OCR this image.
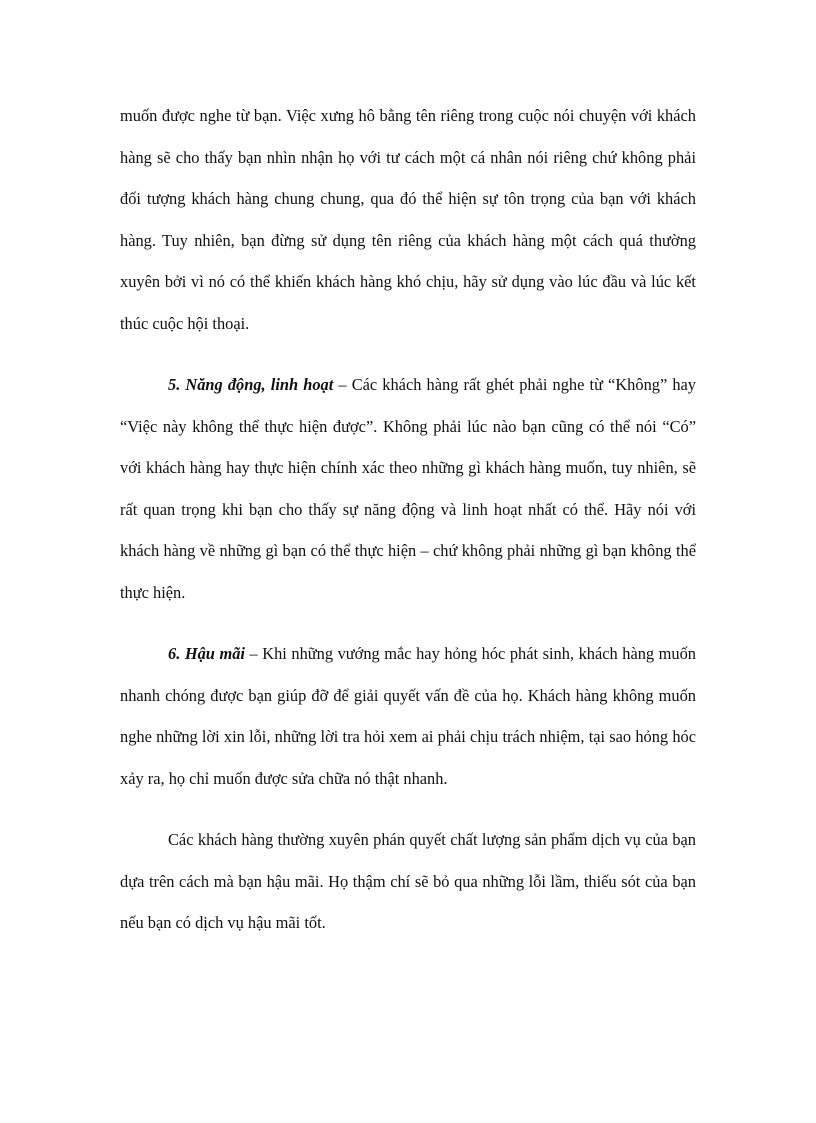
muốn được nghe từ bạn. Việc xưng hô bằng tên riêng trong cuộc nói chuyện với khách hàng sẽ cho thấy bạn nhìn nhận họ với tư cách một cá nhân nói riêng chứ không phải đối tượng khách hàng chung chung, qua đó thể hiện sự tôn trọng của bạn với khách hàng. Tuy nhiên, bạn đừng sử dụng tên riêng của khách hàng một cách quá thường xuyên bởi vì nó có thể khiến khách hàng khó chịu, hãy sử dụng vào lúc đầu và lúc kết thúc cuộc hội thoại.

5. Năng động, linh hoạt – Các khách hàng rất ghét phải nghe từ “Không” hay “Việc này không thể thực hiện được”. Không phải lúc nào bạn cũng có thể nói “Có” với khách hàng hay thực hiện chính xác theo những gì khách hàng muốn, tuy nhiên, sẽ rất quan trọng khi bạn cho thấy sự năng động và linh hoạt nhất có thể. Hãy nói với khách hàng về những gì bạn có thể thực hiện – chứ không phải những gì bạn không thể thực hiện.

6. Hậu mãi – Khi những vướng mắc hay hỏng hóc phát sinh, khách hàng muốn nhanh chóng được bạn giúp đỡ để giải quyết vấn đề của họ. Khách hàng không muốn nghe những lời xin lỗi, những lời tra hỏi xem ai phải chịu trách nhiệm, tại sao hỏng hóc xảy ra, họ chỉ muốn được sửa chữa nó thật nhanh.

Các khách hàng thường xuyên phán quyết chất lượng sản phẩm dịch vụ của bạn dựa trên cách mà bạn hậu mãi. Họ thậm chí sẽ bỏ qua những lỗi lầm, thiếu sót của bạn nếu bạn có dịch vụ hậu mãi tốt.
